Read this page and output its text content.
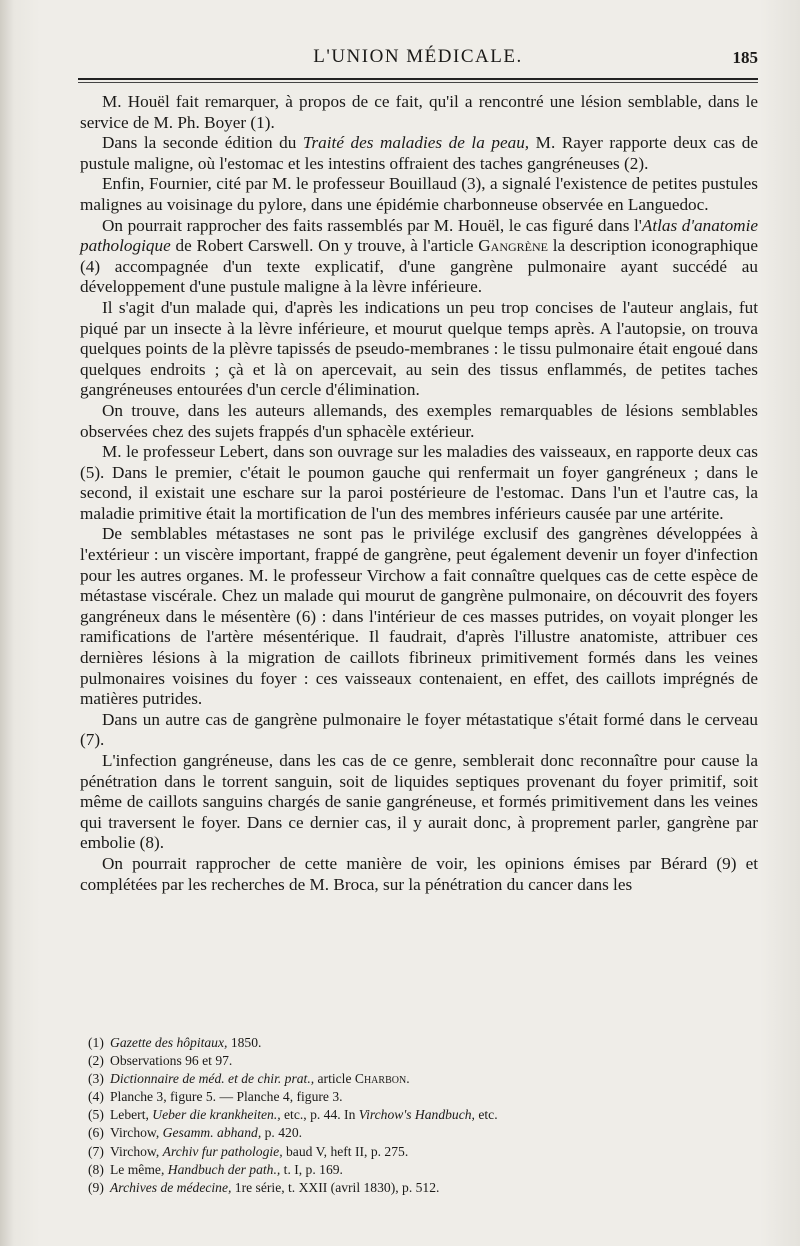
L'UNION MÉDICALE.	185

M. Houël fait remarquer, à propos de ce fait, qu'il a rencontré une lésion semblable, dans le service de M. Ph. Boyer (1).

Dans la seconde édition du Traité des maladies de la peau, M. Rayer rapporte deux cas de pustule maligne, où l'estomac et les intestins offraient des taches gangréneuses (2).

Enfin, Fournier, cité par M. le professeur Bouillaud (3), a signalé l'existence de petites pustules malignes au voisinage du pylore, dans une épidémie charbonneuse observée en Languedoc.

On pourrait rapprocher des faits rassemblés par M. Houël, le cas figuré dans l'Atlas d'anatomie pathologique de Robert Carswell. On y trouve, à l'article Gangrène la description iconographique (4) accompagnée d'un texte explicatif, d'une gangrène pulmonaire ayant succédé au développement d'une pustule maligne à la lèvre inférieure.

Il s'agit d'un malade qui, d'après les indications un peu trop concises de l'auteur anglais, fut piqué par un insecte à la lèvre inférieure, et mourut quelque temps après. A l'autopsie, on trouva quelques points de la plèvre tapissés de pseudo-membranes : le tissu pulmonaire était engoué dans quelques endroits ; çà et là on apercevait, au sein des tissus enflammés, de petites taches gangréneuses entourées d'un cercle d'élimination.

On trouve, dans les auteurs allemands, des exemples remarquables de lésions semblables observées chez des sujets frappés d'un sphacèle extérieur.

M. le professeur Lebert, dans son ouvrage sur les maladies des vaisseaux, en rapporte deux cas (5). Dans le premier, c'était le poumon gauche qui renfermait un foyer gangréneux ; dans le second, il existait une eschare sur la paroi postérieure de l'estomac. Dans l'un et l'autre cas, la maladie primitive était la mortification de l'un des membres inférieurs causée par une artérite.

De semblables métastases ne sont pas le privilége exclusif des gangrènes développées à l'extérieur : un viscère important, frappé de gangrène, peut également devenir un foyer d'infection pour les autres organes. M. le professeur Virchow a fait connaître quelques cas de cette espèce de métastase viscérale. Chez un malade qui mourut de gangrène pulmonaire, on découvrit des foyers gangréneux dans le mésentère (6) : dans l'intérieur de ces masses putrides, on voyait plonger les ramifications de l'artère mésentérique. Il faudrait, d'après l'illustre anatomiste, attribuer ces dernières lésions à la migration de caillots fibrineux primitivement formés dans les veines pulmonaires voisines du foyer : ces vaisseaux contenaient, en effet, des caillots imprégnés de matières putrides.

Dans un autre cas de gangrène pulmonaire le foyer métastatique s'était formé dans le cerveau (7).

L'infection gangréneuse, dans les cas de ce genre, semblerait donc reconnaître pour cause la pénétration dans le torrent sanguin, soit de liquides septiques provenant du foyer primitif, soit même de caillots sanguins chargés de sanie gangréneuse, et formés primitivement dans les veines qui traversent le foyer. Dans ce dernier cas, il y aurait donc, à proprement parler, gangrène par embolie (8).

On pourrait rapprocher de cette manière de voir, les opinions émises par Bérard (9) et complétées par les recherches de M. Broca, sur la pénétration du cancer dans les

(1) Gazette des hôpitaux, 1850.
(2) Observations 96 et 97.
(3) Dictionnaire de méd. et de chir. prat., article Charbon.
(4) Planche 3, figure 5. — Planche 4, figure 3.
(5) Lebert, Ueber die krankheiten., etc., p. 44. In Virchow's Handbuch, etc.
(6) Virchow, Gesamm. abhand, p. 420.
(7) Virchow, Archiv fur pathologie, baud V, heft II, p. 275.
(8) Le même, Handbuch der path., t. I, p. 169.
(9) Archives de médecine, 1re série, t. XXII (avril 1830), p. 512.
